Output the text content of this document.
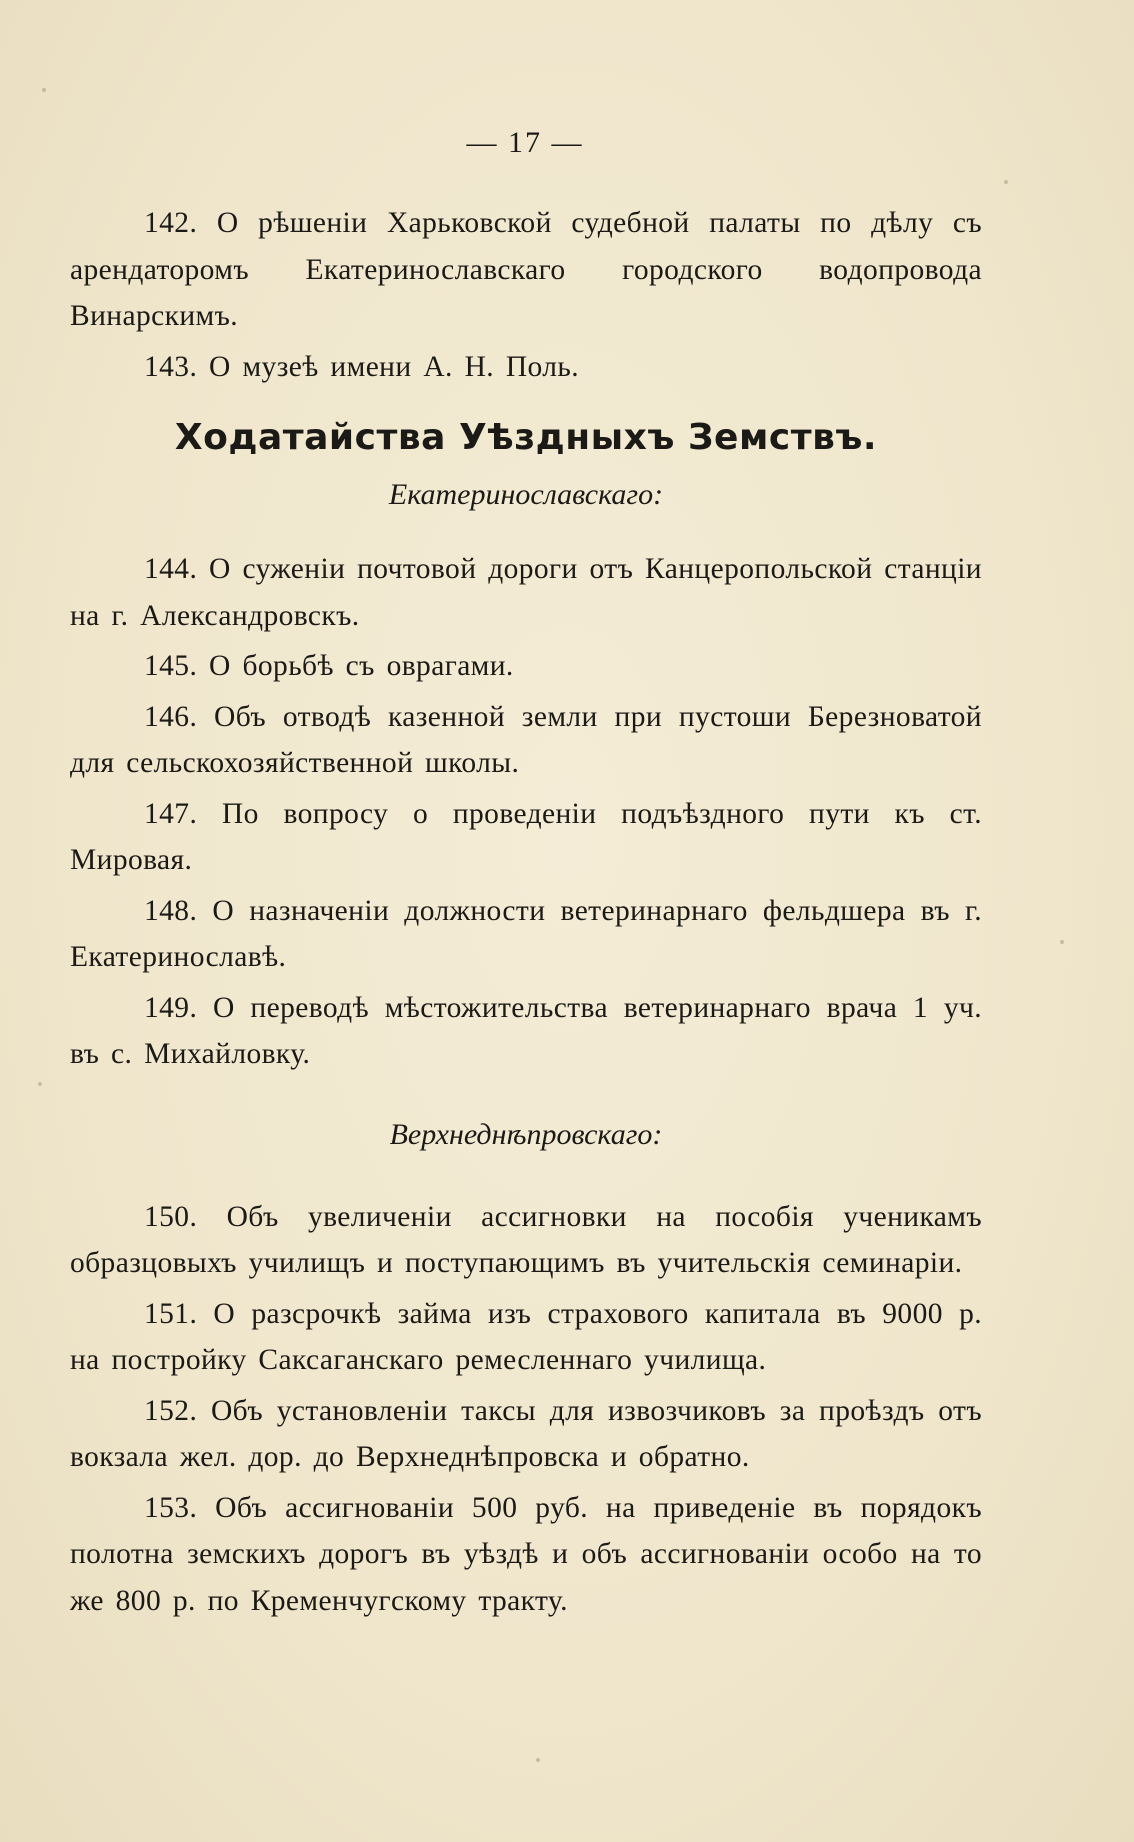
— 17 —

142. О рѣшеніи Харьковской судебной палаты по дѣлу съ арендаторомъ Екатеринославскаго городского водопровода Винарскимъ.

143. О музеѣ имени А. Н. Поль.

Ходатайства Уѣздныхъ Земствъ.
Екатеринославскаго:

144. О суженіи почтовой дороги отъ Канцеропольской станціи на г. Александровскъ.

145. О борьбѣ съ оврагами.

146. Объ отводѣ казенной земли при пустоши Березноватой для сельскохозяйственной школы.

147. По вопросу о проведеніи подъѣздного пути къ ст. Мировая.

148. О назначеніи должности ветеринарнаго фельдшера въ г. Екатеринославѣ.

149. О переводѣ мѣстожительства ветеринарнаго врача 1 уч. въ с. Михайловку.

Верхнеднѣпровскаго:

150. Объ увеличеніи ассигновки на пособія ученикамъ образцовыхъ училищъ и поступающимъ въ учительскія семинаріи.

151. О разсрочкѣ займа изъ страхового капитала въ 9000 р. на постройку Саксаганскаго ремесленнаго училища.

152. Объ установленіи таксы для извозчиковъ за проѣздъ отъ вокзала жел. дор. до Верхнеднѣпровска и обратно.

153. Объ ассигнованіи 500 руб. на приведеніе въ порядокъ полотна земскихъ дорогъ въ уѣздѣ и объ ассигнованіи особо на то же 800 р. по Кременчугскому тракту.
